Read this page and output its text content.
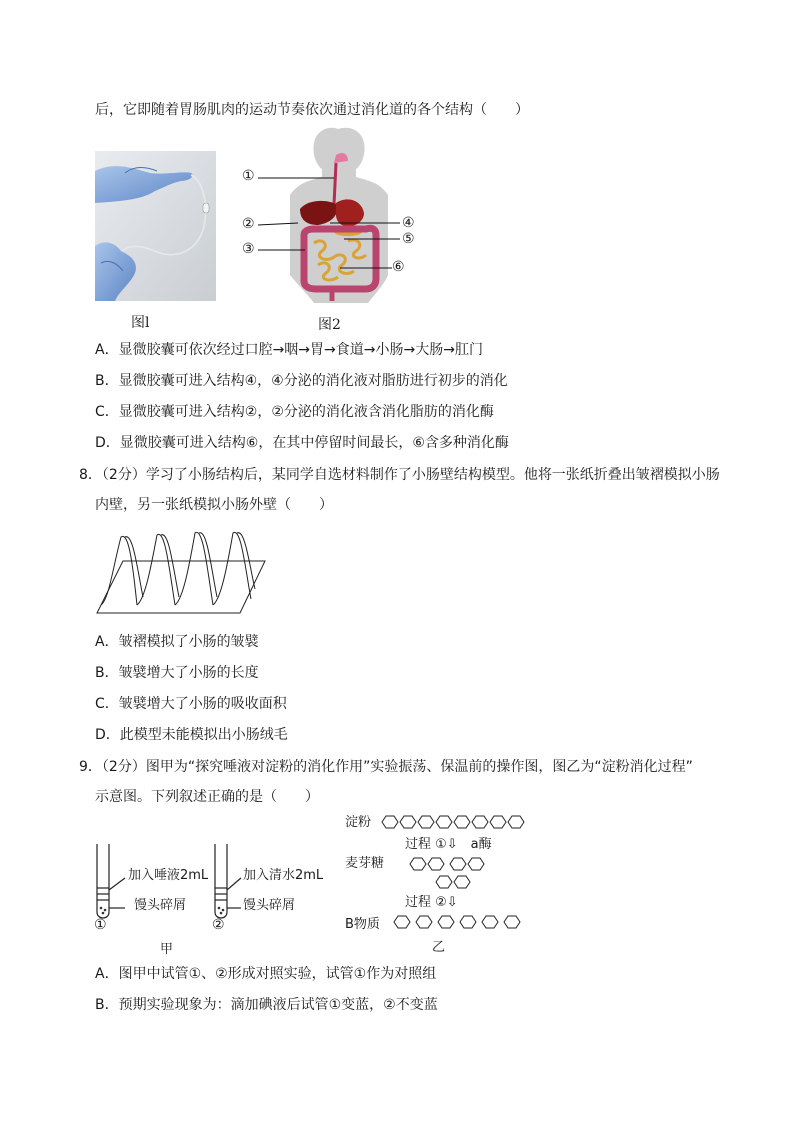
后，它即随着胃肠肌肉的运动节奏依次通过消化道的各个结构（　　）
①
②
③
④
⑤
⑥
图l	图2
A．显微胶囊可依次经过口腔→咽→胃→食道→小肠→大肠→肛门
B．显微胶囊可进入结构④，④分泌的消化液对脂肪进行初步的消化
C．显微胶囊可进入结构②，②分泌的消化液含消化脂肪的消化酶
D．显微胶囊可进入结构⑥，在其中停留时间最长，⑥含多种消化酶
8．（2分）学习了小肠结构后，某同学自选材料制作了小肠壁结构模型。他将一张纸折叠出皱褶模拟小肠
内壁，另一张纸模拟小肠外壁（　　）
A．皱褶模拟了小肠的皱襞
B．皱襞增大了小肠的长度
C．皱襞增大了小肠的吸收面积
D．此模型未能模拟出小肠绒毛
9．（2分）图甲为“探究唾液对淀粉的消化作用”实验振荡、保温前的操作图，图乙为“淀粉消化过程”
示意图。下列叙述正确的是（　　）
加入唾液2mL
馒头碎屑
①
加入清水2mL
馒头碎屑
②
甲
淀粉
过程 ①⇩　a酶
麦芽糖
过程 ②⇩
B物质
乙
A．图甲中试管①、②形成对照实验，试管①作为对照组
B．预期实验现象为：滴加碘液后试管①变蓝，②不变蓝
